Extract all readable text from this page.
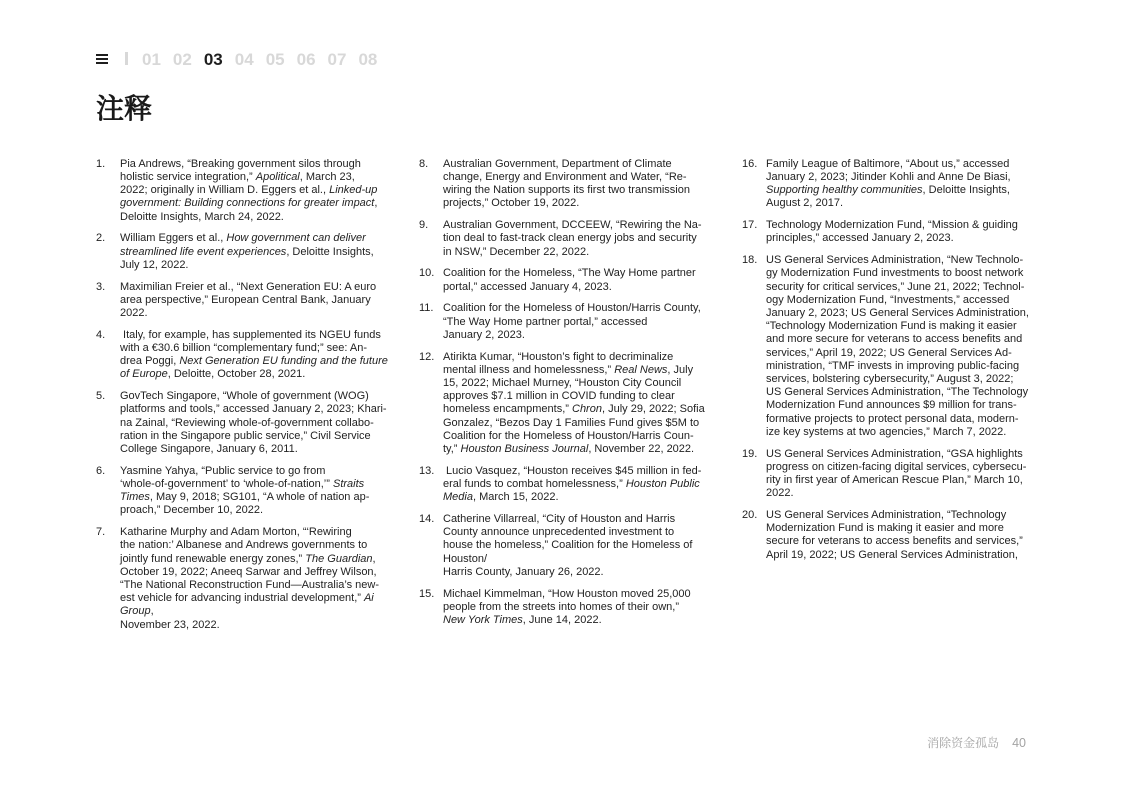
01 02 03 04 05 06 07 08
注释
1.	Pia Andrews, “Breaking government silos through
holistic service integration,” Apolitical, March 23,
2022; originally in William D. Eggers et al., Linked-up
government: Building connections for greater impact,
Deloitte Insights, March 24, 2022.
2.	William Eggers et al., How government can deliver
streamlined life event experiences, Deloitte Insights,
July 12, 2022.
3.	Maximilian Freier et al., “Next Generation EU: A euro
area perspective,” European Central Bank, January
2022.
4.	Italy, for example, has supplemented its NGEU funds
with a €30.6 billion “complementary fund;” see: An-
drea Poggi, Next Generation EU funding and the future
of Europe, Deloitte, October 28, 2021.
5.	GovTech Singapore, “Whole of government (WOG)
platforms and tools,” accessed January 2, 2023; Khari-
na Zainal, “Reviewing whole-of-government collabo-
ration in the Singapore public service,” Civil Service
College Singapore, January 6, 2011.
6.	Yasmine Yahya, “Public service to go from
‘whole-of-government’ to ‘whole-of-nation,’” Straits
Times, May 9, 2018; SG101, “A whole of nation ap-
proach,” December 10, 2022.
7.	Katharine Murphy and Adam Morton, “‘Rewiring
the nation:’ Albanese and Andrews governments to
jointly fund renewable energy zones,” The Guardian,
October 19, 2022; Aneeq Sarwar and Jeffrey Wilson,
“The National Reconstruction Fund—Australia’s new-
est vehicle for advancing industrial development,” Ai
Group,
November 23, 2022.
8.	Australian Government, Department of Climate
change, Energy and Environment and Water, “Re-
wiring the Nation supports its first two transmission
projects,” October 19, 2022.
9.	Australian Government, DCCEEW, “Rewiring the Na-
tion deal to fast-track clean energy jobs and security
in NSW,” December 22, 2022.
10. Coalition for the Homeless, “The Way Home partner
portal,” accessed January 4, 2023.
11. Coalition for the Homeless of Houston/Harris County,
“The Way Home partner portal,” accessed
January 2, 2023.
12. Atirikta Kumar, “Houston’s fight to decriminalize
mental illness and homelessness,” Real News, July
15, 2022; Michael Murney, “Houston City Council
approves $7.1 million in COVID funding to clear
homeless encampments,” Chron, July 29, 2022; Sofia
Gonzalez, “Bezos Day 1 Families Fund gives $5M to
Coalition for the Homeless of Houston/Harris Coun-
ty,” Houston Business Journal, November 22, 2022.
13. Lucio Vasquez, “Houston receives $45 million in fed-
eral funds to combat homelessness,” Houston Public
Media, March 15, 2022.
14. Catherine Villarreal, “City of Houston and Harris
County announce unprecedented investment to
house the homeless,” Coalition for the Homeless of
Houston/
Harris County, January 26, 2022.
15. Michael Kimmelman, “How Houston moved 25,000
people from the streets into homes of their own,”
New York Times, June 14, 2022.
16. Family League of Baltimore, “About us,” accessed
January 2, 2023; Jitinder Kohli and Anne De Biasi,
Supporting healthy communities, Deloitte Insights,
August 2, 2017.
17. Technology Modernization Fund, “Mission & guiding
principles,” accessed January 2, 2023.
18. US General Services Administration, “New Technolo-
gy Modernization Fund investments to boost network
security for critical services,” June 21, 2022; Technol-
ogy Modernization Fund, “Investments,” accessed
January 2, 2023; US General Services Administration,
“Technology Modernization Fund is making it easier
and more secure for veterans to access benefits and
services,” April 19, 2022; US General Services Ad-
ministration, “TMF invests in improving public-facing
services, bolstering cybersecurity,” August 3, 2022;
US General Services Administration, “The Technology
Modernization Fund announces $9 million for trans-
formative projects to protect personal data, modern-
ize key systems at two agencies,” March 7, 2022.
19. US General Services Administration, “GSA highlights
progress on citizen-facing digital services, cybersecu-
rity in first year of American Rescue Plan,” March 10,
2022.
20. US General Services Administration, “Technology
Modernization Fund is making it easier and more
secure for veterans to access benefits and services,”
April 19, 2022; US General Services Administration,
消除资金孤岛 40
